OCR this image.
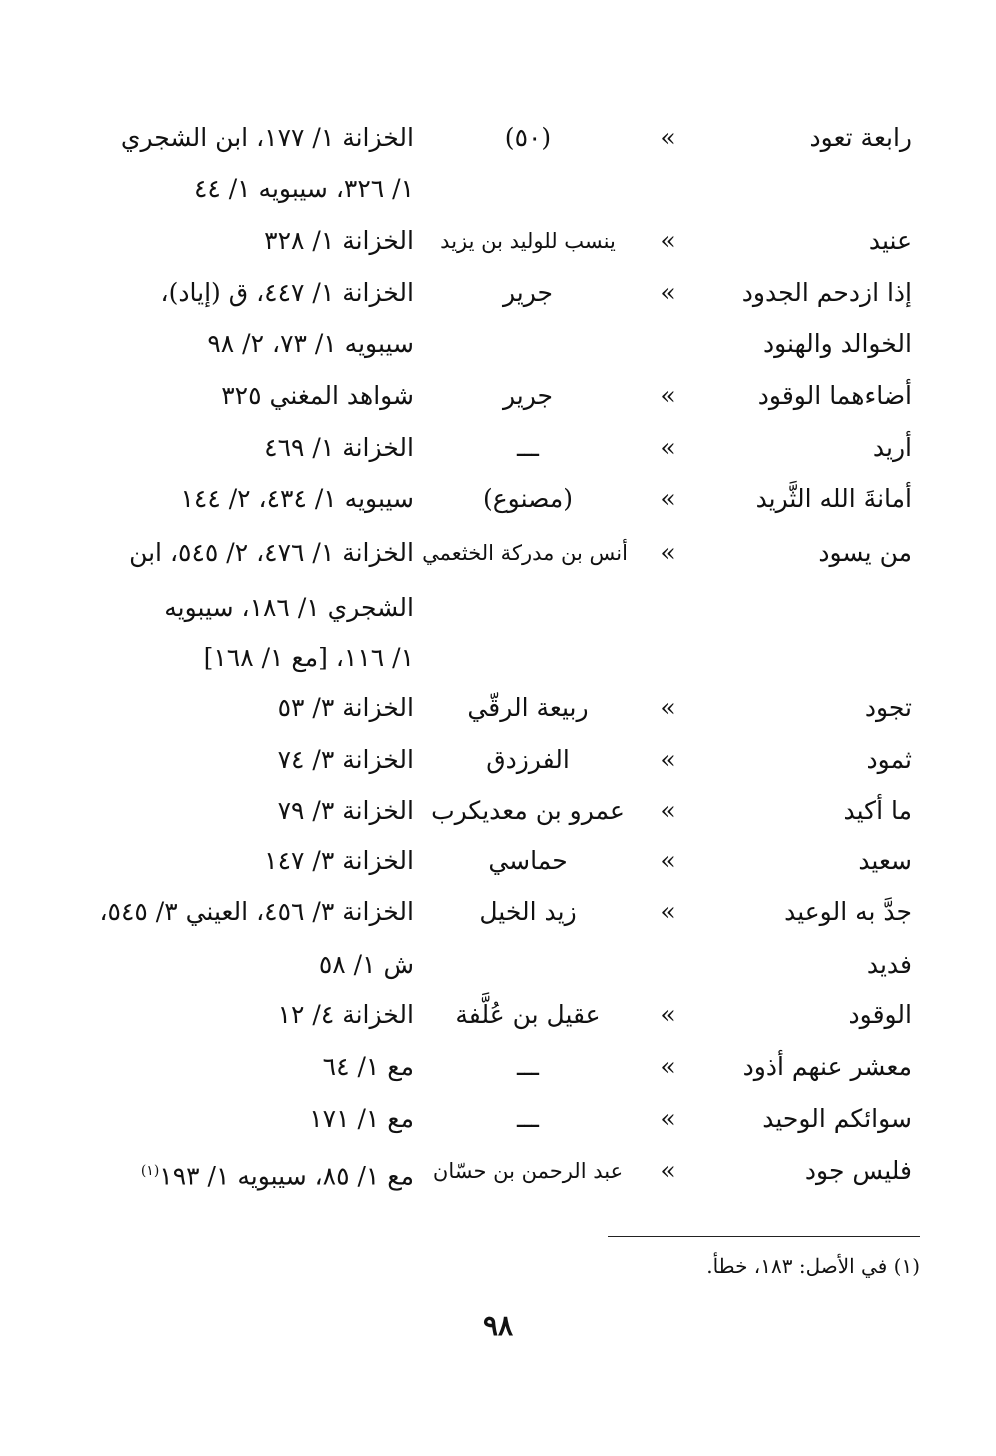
رابعة تعود
»
(٥٠)
الخزانة ١/ ١٧٧، ابن الشجري
١/ ٣٢٦، سيبويه ١/ ٤٤
عنيد
»
ينسب للوليد بن يزيد
الخزانة ١/ ٣٢٨
إذا ازدحم الجدود
»
جرير
الخزانة ١/ ٤٤٧، ق (إياد)،
الخوالد والهنود
سيبويه ١/ ٧٣، ٢/ ٩٨
أضاءهما الوقود
»
جرير
شواهد المغني ٣٢٥
أريد
»
ـــ
الخزانة ١/ ٤٦٩
أمانةَ الله الثَّريد
»
(مصنوع)
سيبويه ١/ ٤٣٤، ٢/ ١٤٤
من يسود
»
أنس بن مدركة الخثعمي
الخزانة ١/ ٤٧٦، ٢/ ٥٤٥، ابن
الشجري ١/ ١٨٦، سيبويه
١/ ١١٦، [مع ١/ ١٦٨]
تجود
»
ربيعة الرقّي
الخزانة ٣/ ٥٣
ثمود
»
الفرزدق
الخزانة ٣/ ٧٤
ما أكيد
»
عمرو بن معديكرب
الخزانة ٣/ ٧٩
سعيد
»
حماسي
الخزانة ٣/ ١٤٧
جدَّ به الوعيد
»
زيد الخيل
الخزانة ٣/ ٤٥٦، العيني ٣/ ٥٤٥،
فديد
ش ١/ ٥٨
الوقود
»
عقيل بن عُلَّفة
الخزانة ٤/ ١٢
معشر عنهم أذود
»
ـــ
مع ١/ ٦٤
سوائكم الوحيد
»
ـــ
مع ١/ ١٧١
فليس جود
»
عبد الرحمن بن حسّان
مع ١/ ٨٥، سيبويه ١/ ١٩٣$^{(١)}$
(١) في الأصل: ١٨٣، خطأ.
٩٨
